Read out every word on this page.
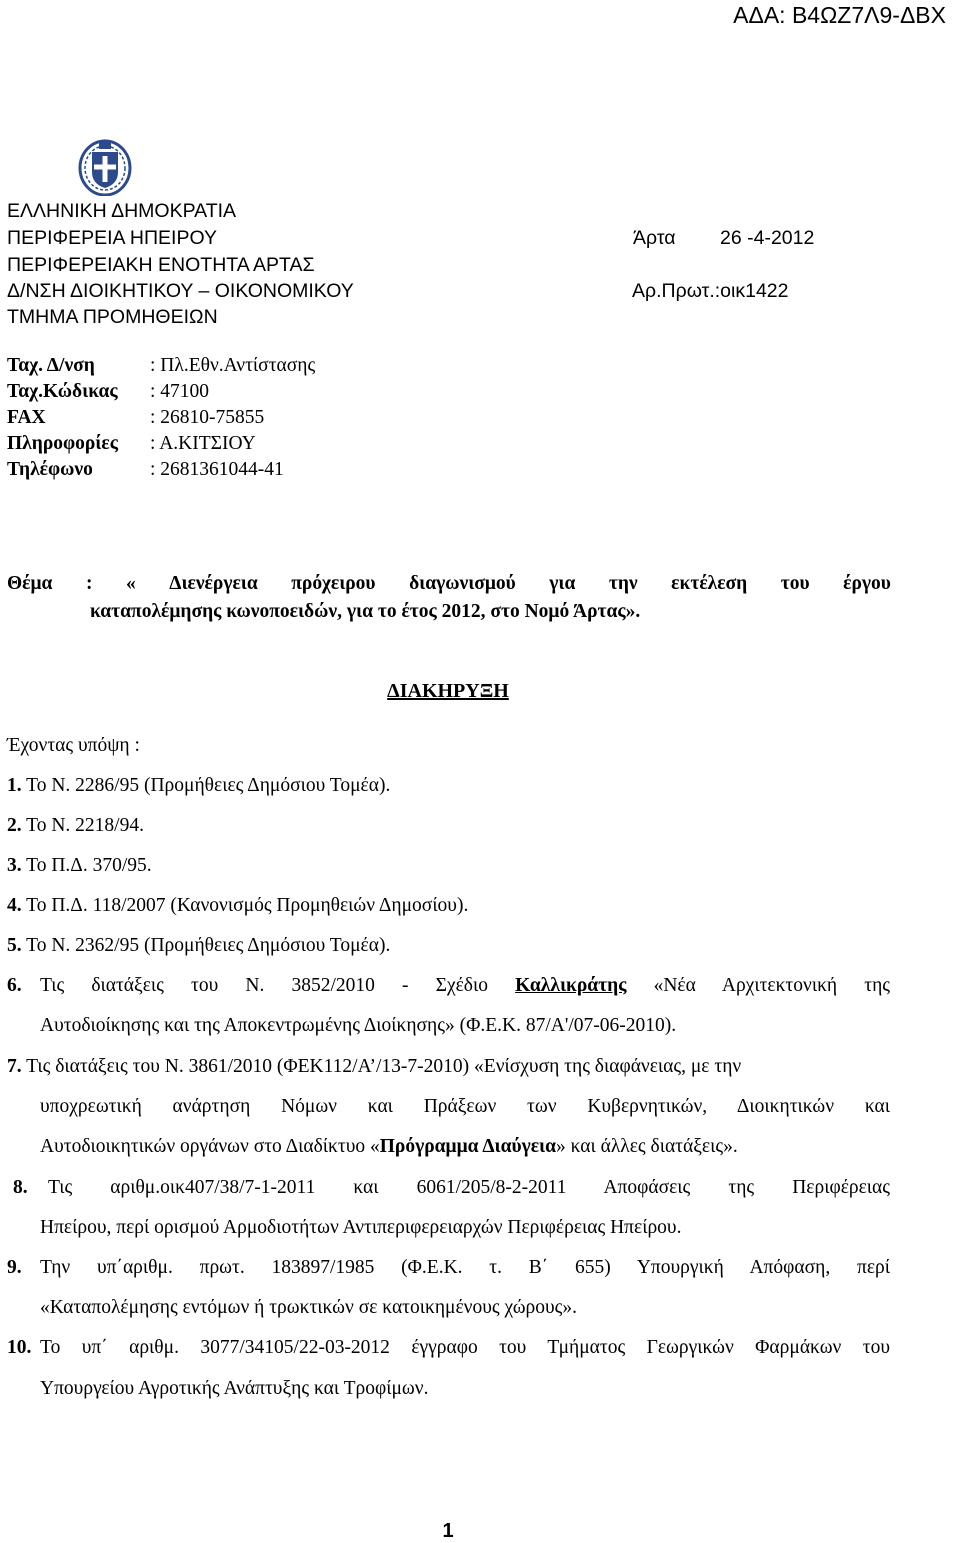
ΑΔΑ: Β4ΩΖ7Λ9-ΔΒΧ
ΕΛΛΗΝΙΚΗ ΔΗΜΟΚΡΑΤΙΑ
ΠΕΡΙΦΕΡΕΙΑ ΗΠΕΙΡΟΥ
ΠΕΡΙΦΕΡΕΙΑΚΗ ΕΝΟΤΗΤΑ ΑΡΤΑΣ
Δ/ΝΣΗ ΔΙΟΙΚΗΤΙΚΟΥ – ΟΙΚΟΝΟΜΙΚΟΥ
ΤΜΗΜΑ ΠΡΟΜΗΘΕΙΩΝ
Άρτα 26 -4-2012
Αρ.Πρωτ.:οικ1422
Ταχ. Δ/νση	: Πλ.Εθν.Αντίστασης
Ταχ.Κώδικας : 47100
FAX	: 26810-75855
Πληροφορίες : Α.ΚΙΤΣΙΟΥ
Τηλέφωνο	: 2681361044-41
Θέμα : « Διενέργεια πρόχειρου διαγωνισμού για την εκτέλεση του έργου
καταπολέμησης κωνοποειδών, για το έτος 2012, στο Νομό Άρτας».
ΔΙΑΚΗΡΥΞΗ
Έχοντας υπόψη :
1. Το Ν. 2286/95 (Προμήθειες Δημόσιου Τομέα).
2. Το Ν. 2218/94.
3. Το Π.Δ. 370/95.
4. Το Π.Δ. 118/2007 (Κανονισμός Προμηθειών Δημοσίου).
5. Το Ν. 2362/95 (Προμήθειες Δημόσιου Τομέα).
6. Τις διατάξεις του Ν. 3852/2010 - Σχέδιο Καλλικράτης «Νέα Αρχιτεκτονική της
Αυτοδιοίκησης και της Αποκεντρωμένης Διοίκησης» (Φ.Ε.Κ. 87/Α'/07-06-2010).
7. Τις διατάξεις του Ν. 3861/2010 (ΦΕΚ112/Α’/13-7-2010) «Ενίσχυση της διαφάνειας, με την
υποχρεωτική ανάρτηση Νόμων και Πράξεων των Κυβερνητικών, Διοικητικών και
Αυτοδιοικητικών οργάνων στο Διαδίκτυο «Πρόγραμμα Διαύγεια» και άλλες διατάξεις».
8. Τις αριθμ.οικ407/38/7-1-2011 και 6061/205/8-2-2011 Αποφάσεις της Περιφέρειας
Ηπείρου, περί ορισμού Αρμοδιοτήτων Αντιπεριφερειαρχών Περιφέρειας Ηπείρου.
9. Την υπ΄αριθμ. πρωτ. 183897/1985 (Φ.Ε.Κ. τ. Β΄ 655) Υπουργική Απόφαση, περί
«Καταπολέμησης εντόμων ή τρωκτικών σε κατοικημένους χώρους».
10. Το υπ΄ αριθμ. 3077/34105/22-03-2012 έγγραφο του Τμήματος Γεωργικών Φαρμάκων του
Υπουργείου Αγροτικής Ανάπτυξης και Τροφίμων.
1
